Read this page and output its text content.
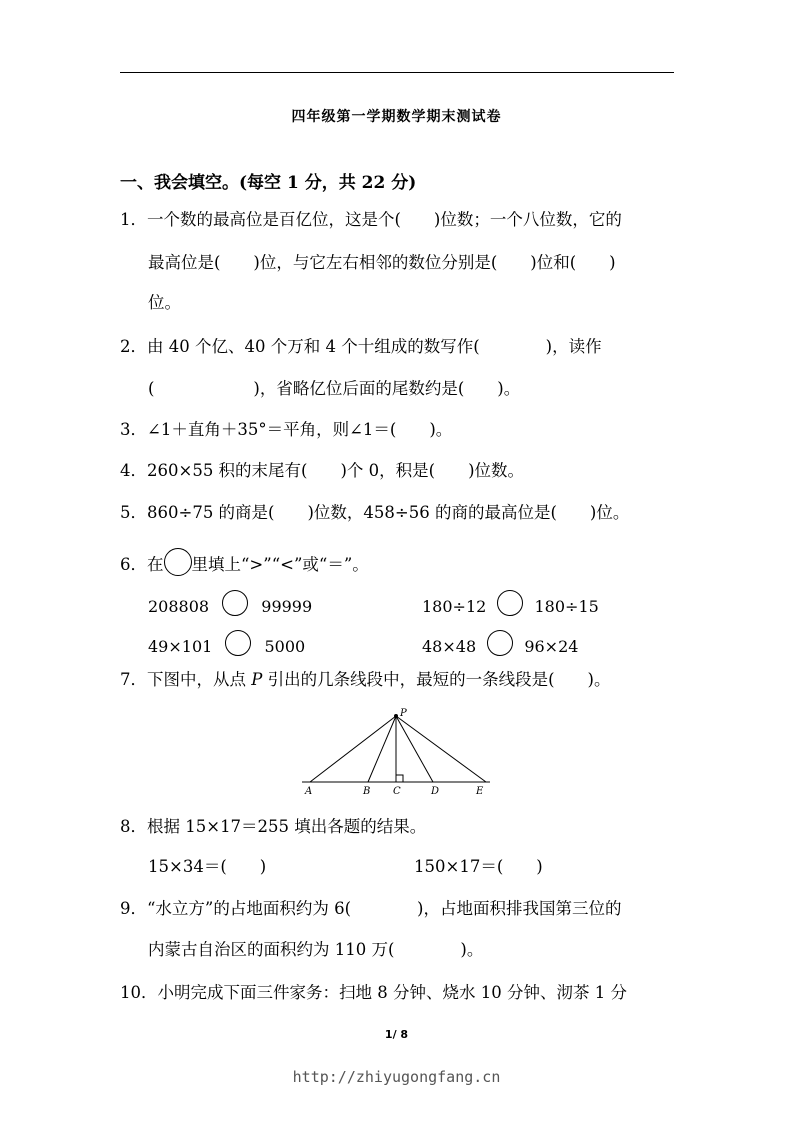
四年级第一学期数学期末测试卷
一、我会填空。(每空 1 分，共 22 分)
1．一个数的最高位是百亿位，这是个(　　)位数；一个八位数，它的
最高位是(　　)位，与它左右相邻的数位分别是(　　)位和(　　)
位。
2．由 40 个亿、40 个万和 4 个十组成的数写作(　　　　)，读作
(　　　　　　)，省略亿位后面的尾数约是(　　)。
3．∠1＋直角＋35°＝平角，则∠1＝(　　)。
4．260×55 积的末尾有(　　)个 0，积是(　　)位数。
5．860÷75 的商是(　　)位数，458÷56 的商的最高位是(　　)位。
6．在 里填上“>”“<”或“＝”。
208808	99999	180÷12	180÷15
49×101	5000	48×48	96×24
7．下图中，从点 P 引出的几条线段中，最短的一条线段是(　　)。
P
A	B C	D	E
8．根据 15×17＝255 填出各题的结果。
15×34＝(　　)	150×17＝(　　)
9．“水立方”的占地面积约为 6(　　　　)，占地面积排我国第三位的
内蒙古自治区的面积约为 110 万(　　　　)。
10．小明完成下面三件家务：扫地 8 分钟、烧水 10 分钟、沏茶 1 分
1/ 8
http://zhiyugongfang.cn
